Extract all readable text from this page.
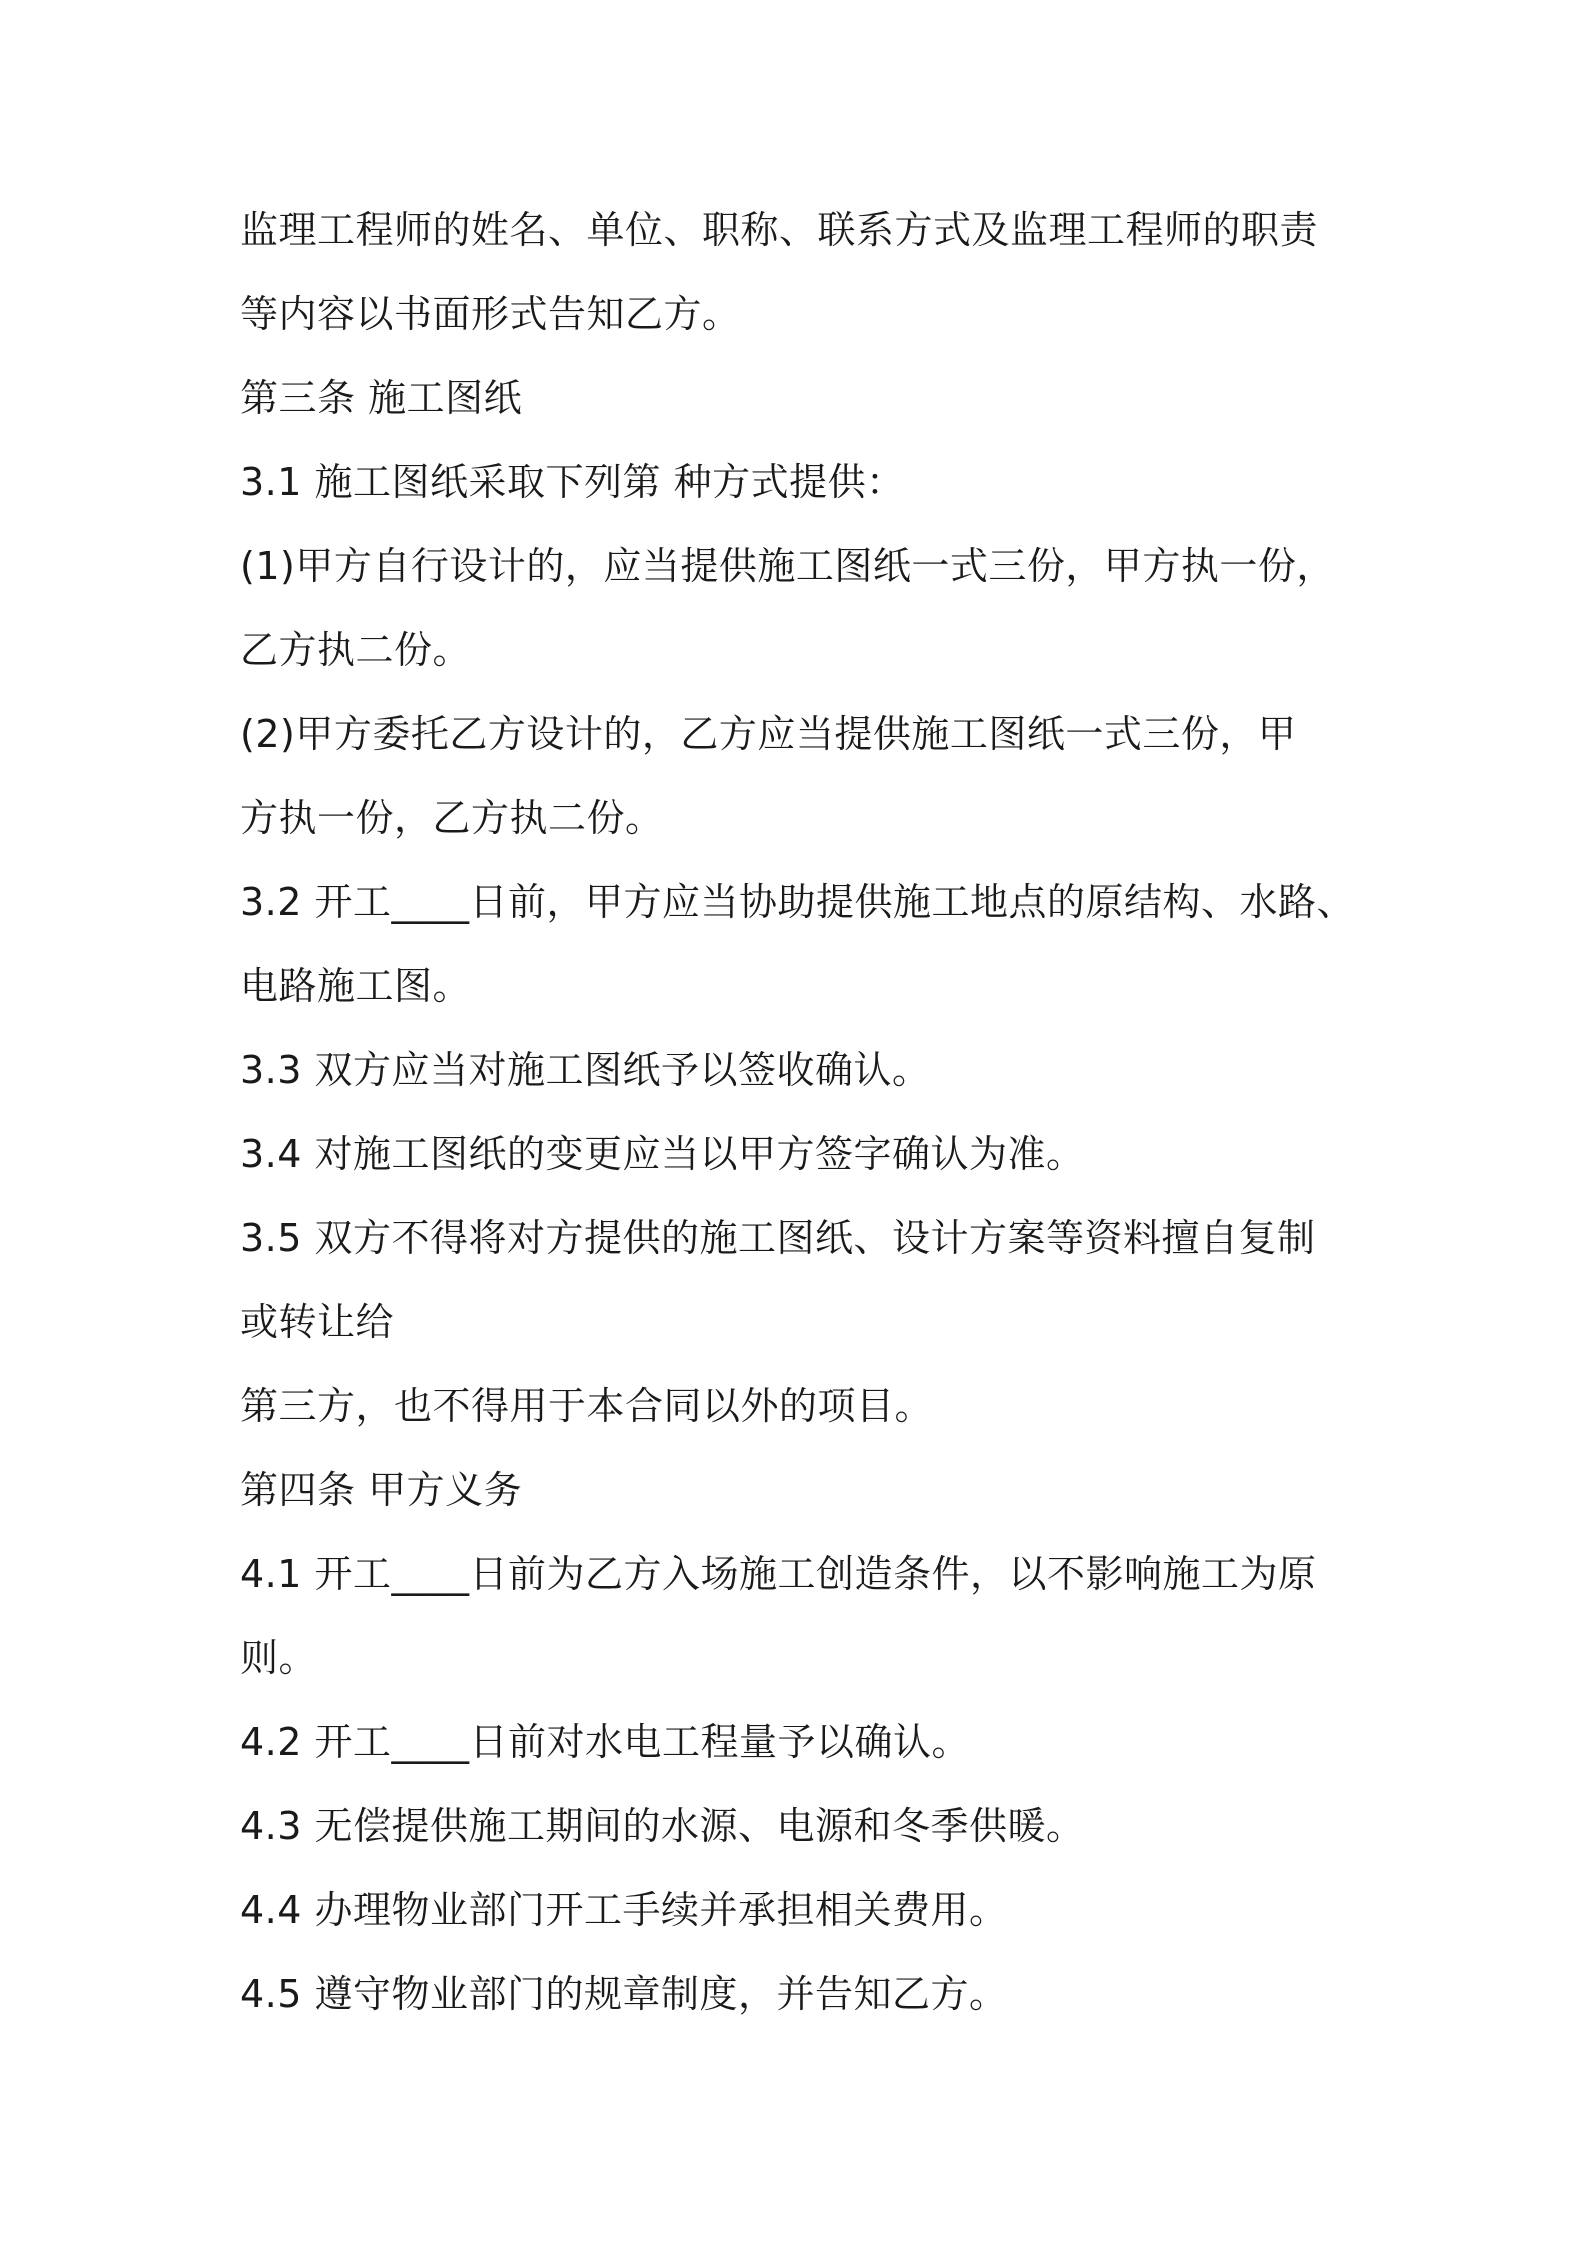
监理工程师的姓名、单位、职称、联系方式及监理工程师的职责
等内容以书面形式告知乙方。
第三条 施工图纸
3.1 施工图纸采取下列第 种方式提供：
(1)甲方自行设计的，应当提供施工图纸一式三份，甲方执一份，
乙方执二份。
(2)甲方委托乙方设计的，乙方应当提供施工图纸一式三份，甲
方执一份，乙方执二份。
3.2 开工____日前，甲方应当协助提供施工地点的原结构、水路、
电路施工图。
3.3 双方应当对施工图纸予以签收确认。
3.4 对施工图纸的变更应当以甲方签字确认为准。
3.5 双方不得将对方提供的施工图纸、设计方案等资料擅自复制
或转让给
第三方，也不得用于本合同以外的项目。
第四条 甲方义务
4.1 开工____日前为乙方入场施工创造条件，以不影响施工为原
则。
4.2 开工____日前对水电工程量予以确认。
4.3 无偿提供施工期间的水源、电源和冬季供暖。
4.4 办理物业部门开工手续并承担相关费用。
4.5 遵守物业部门的规章制度，并告知乙方。
